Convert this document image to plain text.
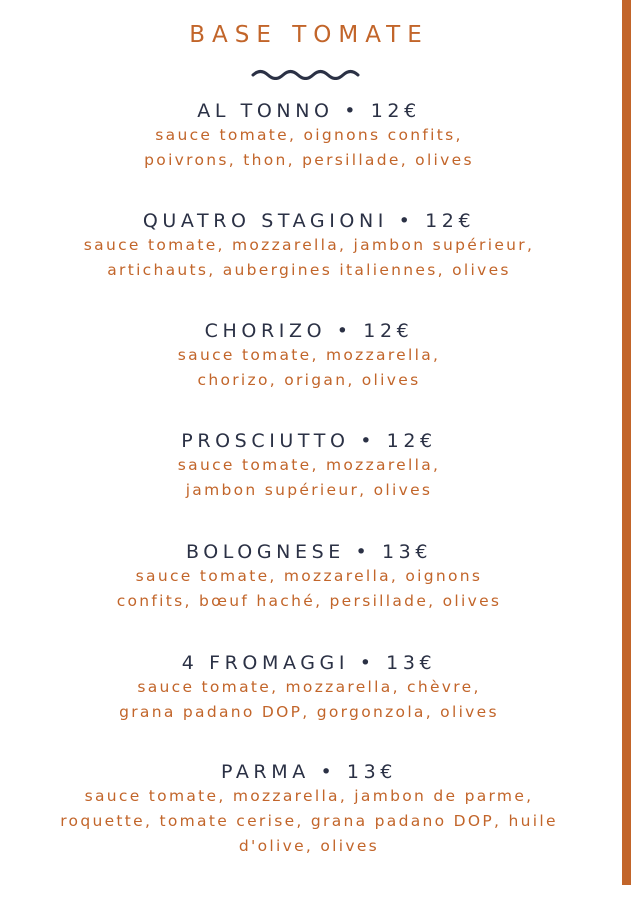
BASE TOMATE
AL TONNO • 12€
sauce tomate, oignons confits,
poivrons, thon, persillade, olives
QUATRO STAGIONI • 12€
sauce tomate, mozzarella, jambon supérieur,
artichauts, aubergines italiennes, olives
CHORIZO • 12€
sauce tomate, mozzarella,
chorizo, origan, olives
PROSCIUTTO • 12€
sauce tomate, mozzarella,
jambon supérieur, olives
BOLOGNESE • 13€
sauce tomate, mozzarella, oignons
confits, bœuf haché, persillade, olives
4 FROMAGGI • 13€
sauce tomate, mozzarella, chèvre,
grana padano DOP, gorgonzola, olives
PARMA • 13€
sauce tomate, mozzarella, jambon de parme,
roquette, tomate cerise, grana padano DOP, huile
d'olive, olives
